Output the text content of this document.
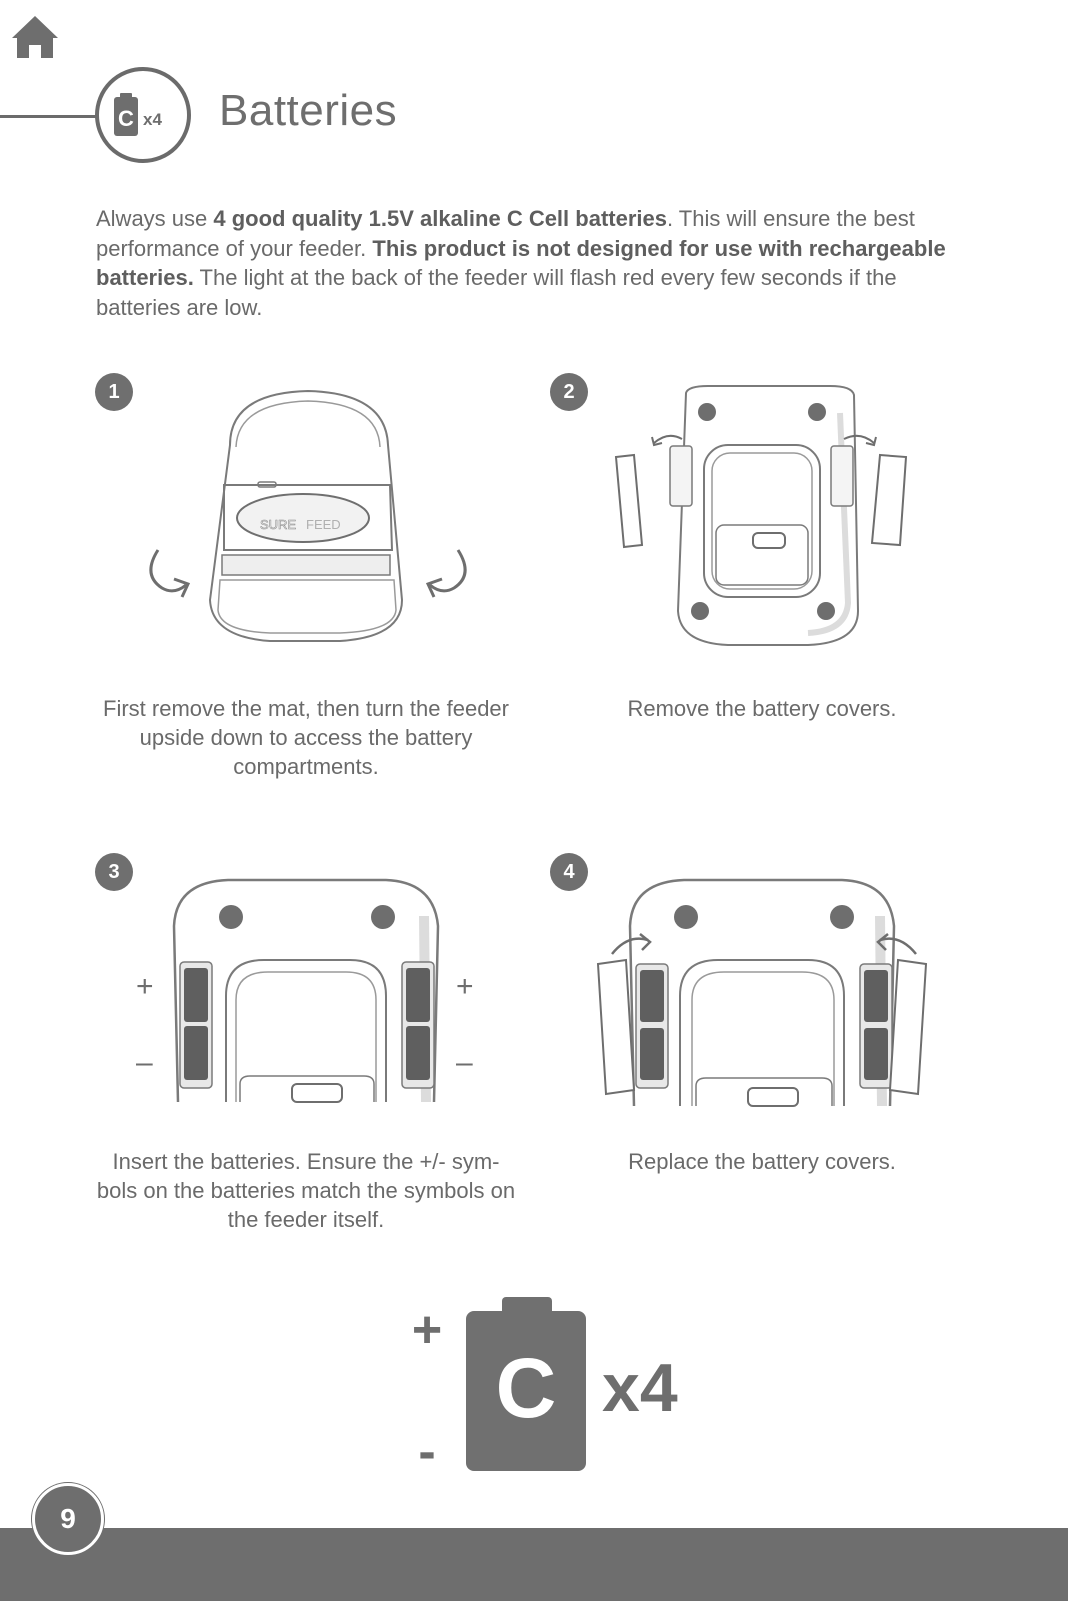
C x4 Batteries
Always use 4 good quality 1.5V alkaline C Cell batteries. This will ensure the best performance of your feeder. This product is not designed for use with rechargeable batteries. The light at the back of the feeder will flash red every few seconds if the batteries are low.
1
SURE FEED
First remove the mat, then turn the feeder upside down to access the battery compartments.
2
Remove the battery covers.
3
+
–
+
–
Insert the batteries. Ensure the +/- sym-bols on the batteries match the symbols on the feeder itself.
4
Replace the battery covers.
+
-
C x4
9
